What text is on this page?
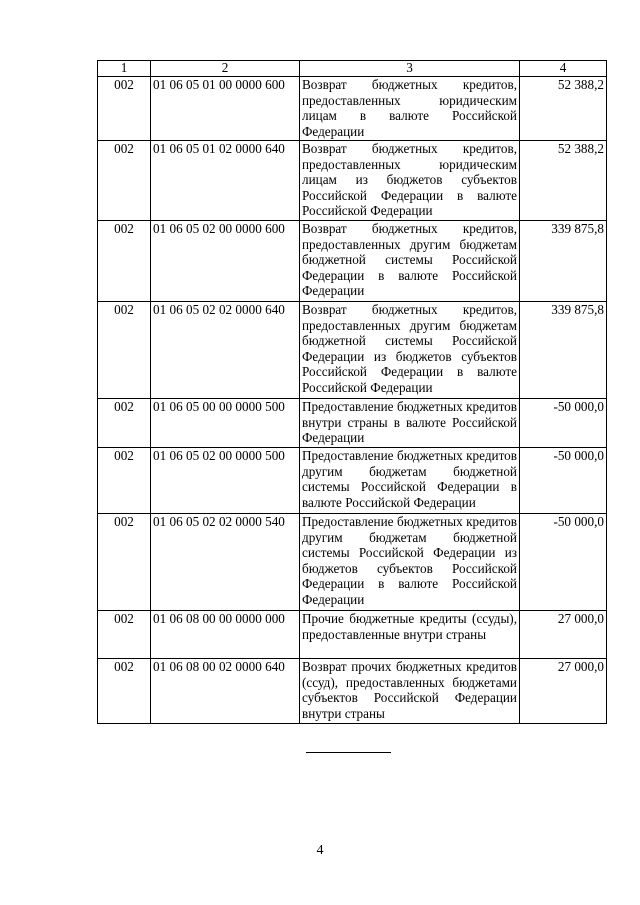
1	2	3	4
002	01 06 05 01 00 0000 600	Возврат бюджетных кредитов, предоставленных юридическим лицам в валюте Российской Федерации	52 388,2
002	01 06 05 01 02 0000 640	Возврат бюджетных кредитов, предоставленных юридическим лицам из бюджетов субъектов Российской Федерации в валюте Российской Федерации	52 388,2
002	01 06 05 02 00 0000 600	Возврат бюджетных кредитов, предоставленных другим бюджетам бюджетной системы Российской Федерации в валюте Российской Федерации	339 875,8
002	01 06 05 02 02 0000 640	Возврат бюджетных кредитов, предоставленных другим бюджетам бюджетной системы Российской Федерации из бюджетов субъектов Российской Федерации в валюте Российской Федерации	339 875,8
002	01 06 05 00 00 0000 500	Предоставление бюджетных кредитов внутри страны в валюте Российской Федерации	-50 000,0
002	01 06 05 02 00 0000 500	Предоставление бюджетных кредитов другим бюджетам бюджетной системы Российской Федерации в валюте Российской Федерации	-50 000,0
002	01 06 05 02 02 0000 540	Предоставление бюджетных кредитов другим бюджетам бюджетной системы Российской Федерации из бюджетов субъектов Российской Федерации в валюте Российской Федерации	-50 000,0
002	01 06 08 00 00 0000 000	Прочие бюджетные кредиты (ссуды), предоставленные внутри страны	27 000,0
002	01 06 08 00 02 0000 640	Возврат прочих бюджетных кредитов (ссуд), предоставленных бюджетами субъектов Российской Федерации внутри страны	27 000,0
4
